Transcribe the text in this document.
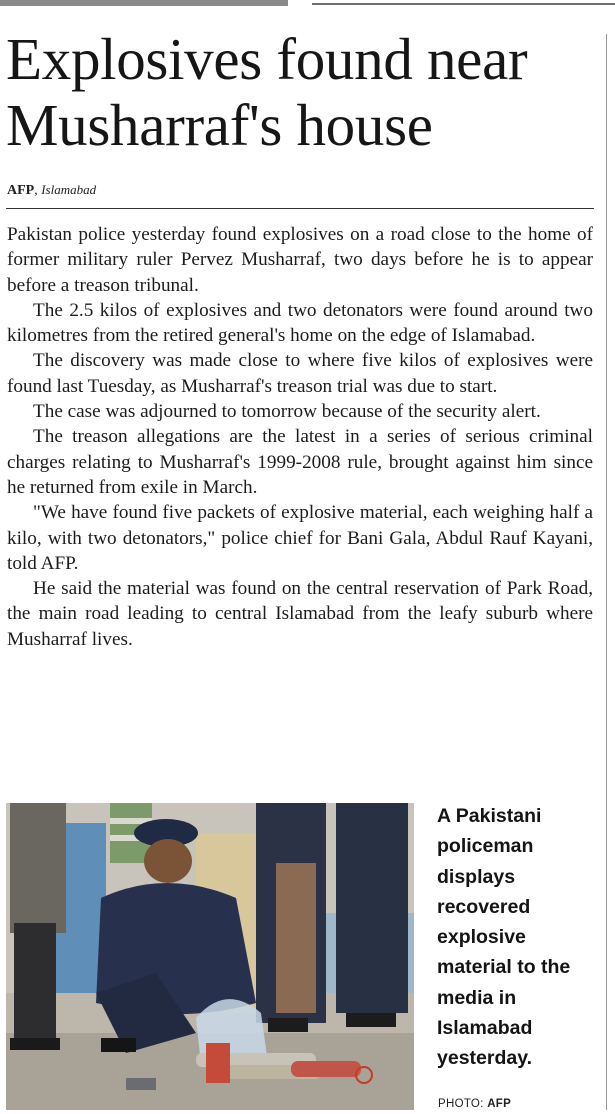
Explosives found near
Musharraf's house

AFP, Islamabad

Pakistan police yesterday found explosives on a road close to the home of former military ruler Pervez Musharraf, two days before he is to appear before a treason tribunal.

The 2.5 kilos of explosives and two detonators were found around two kilometres from the retired general's home on the edge of Islamabad.

The discovery was made close to where five kilos of explosives were found last Tuesday, as Musharraf's treason trial was due to start.

The case was adjourned to tomorrow because of the security alert.

The treason allegations are the latest in a series of serious criminal charges relating to Musharraf's 1999-2008 rule, brought against him since he returned from exile in March.

"We have found five packets of explosive material, each weighing half a kilo, with two detonators," police chief for Bani Gala, Abdul Rauf Kayani, told AFP.

He said the material was found on the central reservation of Park Road, the main road leading to central Islamabad from the leafy suburb where Musharraf lives.

A Pakistani policeman displays recovered explosive material to the media in Islamabad yesterday.

PHOTO: AFP
